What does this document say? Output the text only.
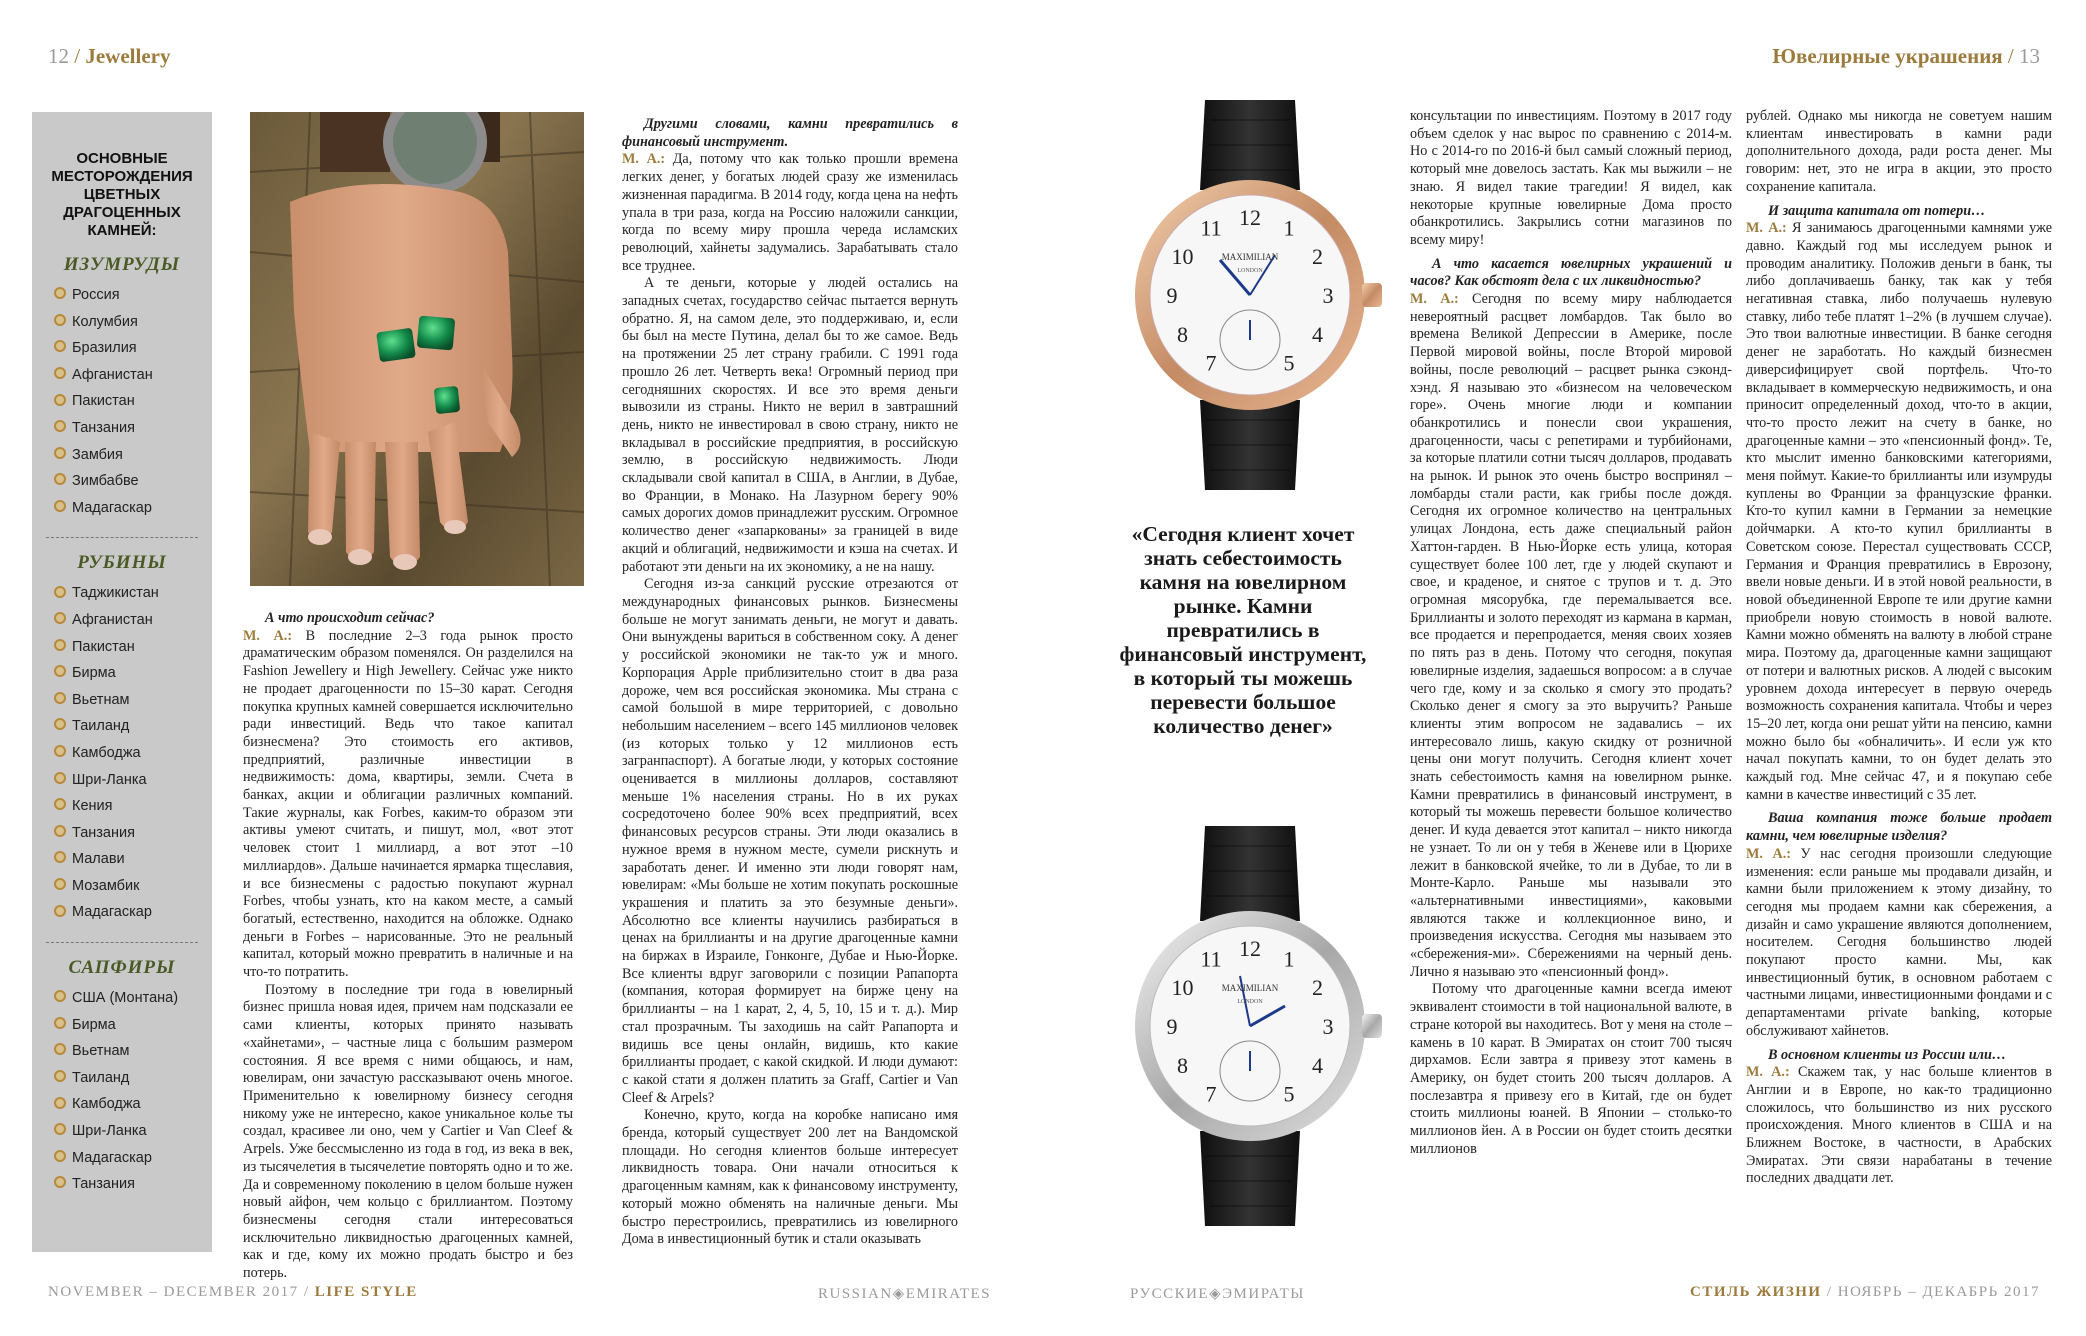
12 / Jewellery	Ювелирные украшения / 13
ОСНОВНЫЕ МЕСТОРОЖДЕНИЯ ЦВЕТНЫХ ДРАГОЦЕННЫХ КАМНЕЙ:
ИЗУМРУДЫ
Россия
Колумбия
Бразилия
Афганистан
Пакистан
Танзания
Замбия
Зимбабве
Мадагаскар
РУБИНЫ
Таджикистан
Афганистан
Пакистан
Бирма
Вьетнам
Таиланд
Камбоджа
Шри-Ланка
Кения
Танзания
Малави
Мозамбик
Мадагаскар
САПФИРЫ
США (Монтана)
Бирма
Вьетнам
Таиланд
Камбоджа
Шри-Ланка
Мадагаскар
Танзания

А что происходит сейчас?

М. А.: В последние 2–3 года рынок просто драматическим образом поменялся. Он разделился на Fashion Jewellery и High Jewellery. Сейчас уже никто не продает драгоценности по 15–30 карат. Сегодня покупка крупных камней совершается исключительно ради инвестиций. Ведь что такое капитал бизнесмена? Это стоимость его активов, предприятий, различные инвестиции в недвижимость: дома, квартиры, земли. Счета в банках, акции и облигации различных компаний. Такие журналы, как Forbes, каким-то образом эти активы умеют считать, и пишут, мол, «вот этот человек стоит 1 миллиард, а вот этот –10 миллиардов». Дальше начинается ярмарка тщеславия, и все бизнесмены с радостью покупают журнал Forbes, чтобы узнать, кто на каком месте, а самый богатый, естественно, находится на обложке. Однако деньги в Forbes – нарисованные. Это не реальный капитал, который можно превратить в наличные и на что-то потратить.

Поэтому в последние три года в ювелирный бизнес пришла новая идея, причем нам подсказали ее сами клиенты, которых принято называть «хайнетами», – частные лица с большим размером состояния. Я все время с ними общаюсь, и нам, ювелирам, они зачастую рассказывают очень многое. Применительно к ювелирному бизнесу сегодня никому уже не интересно, какое уникальное колье ты создал, красивее ли оно, чем у Cartier и Van Cleef & Arpels. Уже бессмысленно из года в год, из века в век, из тысячелетия в тысячелетие повторять одно и то же. Да и современному поколению в целом больше нужен новый айфон, чем кольцо с бриллиантом. Поэтому бизнесмены сегодня стали интересоваться исключительно ликвидностью драгоценных камней, как и где, кому их можно продать быстро и без потерь.

Другими словами, камни превратились в финансовый инструмент.

М. А.: Да, потому что как только прошли времена легких денег, у богатых людей сразу же изменилась жизненная парадигма. В 2014 году, когда цена на нефть упала в три раза, когда на Россию наложили санкции, когда по всему миру прошла череда исламских революций, хайнеты задумались. Зарабатывать стало все труднее.

А те деньги, которые у людей остались на западных счетах, государство сейчас пытается вернуть обратно. Я, на самом деле, это поддерживаю, и, если бы был на месте Путина, делал бы то же самое. Ведь на протяжении 25 лет страну грабили. С 1991 года прошло 26 лет. Четверть века! Огромный период при сегодняшних скоростях. И все это время деньги вывозили из страны. Никто не верил в завтрашний день, никто не инвестировал в свою страну, никто не вкладывал в российские предприятия, в российскую землю, в российскую недвижимость. Люди складывали свой капитал в США, в Англии, в Дубае, во Франции, в Монако. На Лазурном берегу 90% самых дорогих домов принадлежит русским. Огромное количество денег «запаркованы» за границей в виде акций и облигаций, недвижимости и кэша на счетах. И работают эти деньги на их экономику, а не на нашу.

Сегодня из-за санкций русские отрезаются от международных финансовых рынков. Бизнесмены больше не могут занимать деньги, не могут и давать. Они вынуждены вариться в собственном соку. А денег у российской экономики не так-то уж и много. Корпорация Apple приблизительно стоит в два раза дороже, чем вся российская экономика. Мы страна с самой большой в мире территорией, с довольно небольшим населением – всего 145 миллионов человек (из которых только у 12 миллионов есть загранпаспорт). А богатые люди, у которых состояние оценивается в миллионы долларов, составляют меньше 1% населения страны. Но в их руках сосредоточено более 90% всех предприятий, всех финансовых ресурсов страны. Эти люди оказались в нужное время в нужном месте, сумели рискнуть и заработать денег. И именно эти люди говорят нам, ювелирам: «Мы больше не хотим покупать роскошные украшения и платить за это безумные деньги». Абсолютно все клиенты научились разбираться в ценах на бриллианты и на другие драгоценные камни на биржах в Израиле, Гонконге, Дубае и Нью-Йорке. Все клиенты вдруг заговорили с позиции Рапапорта (компания, которая формирует на бирже цену на бриллианты – на 1 карат, 2, 4, 5, 10, 15 и т. д.). Мир стал прозрачным. Ты заходишь на сайт Рапапорта и видишь все цены онлайн, видишь, кто какие бриллианты продает, с какой скидкой. И люди думают: с какой стати я должен платить за Graff, Cartier и Van Cleef & Arpels?

Конечно, круто, когда на коробке написано имя бренда, который существует 200 лет на Вандомской площади. Но сегодня клиентов больше интересует ликвидность товара. Они начали относиться к драгоценным камням, как к финансовому инструменту, который можно обменять на наличные деньги. Мы быстро перестроились, превратились из ювелирного Дома в инвестиционный бутик и стали оказывать

консультации по инвестициям. Поэтому в 2017 году объем сделок у нас вырос по сравнению с 2014-м. Но с 2014-го по 2016-й был самый сложный период, который мне довелось застать. Как мы выжили – не знаю. Я видел такие трагедии! Я видел, как некоторые крупные ювелирные Дома просто обанкротились. Закрылись сотни магазинов по всему миру!

А что касается ювелирных украшений и часов? Как обстоят дела с их ликвидностью?

М. А.: Сегодня по всему миру наблюдается невероятный расцвет ломбардов. Так было во времена Великой Депрессии в Америке, после Первой мировой войны, после Второй мировой войны, после революций – расцвет рынка сэконд-хэнд. Я называю это «бизнесом на человеческом горе». Очень многие люди и компании обанкротились и понесли свои украшения, драгоценности, часы с репетирами и турбийонами, за которые платили сотни тысяч долларов, продавать на рынок. И рынок это очень быстро воспринял – ломбарды стали расти, как грибы после дождя. Сегодня их огромное количество на центральных улицах Лондона, есть даже специальный район Хаттон-гарден. В Нью-Йорке есть улица, которая существует более 100 лет, где у людей скупают и свое, и краденое, и снятое с трупов и т. д. Это огромная мясорубка, где перемалывается все. Бриллианты и золото переходят из кармана в карман, все продается и перепродается, меняя своих хозяев по пять раз в день. Потому что сегодня, покупая ювелирные изделия, задаешься вопросом: а в случае чего где, кому и за сколько я смогу это продать? Сколько денег я смогу за это выручить? Раньше клиенты этим вопросом не задавались – их интересовало лишь, какую скидку от розничной цены они могут получить. Сегодня клиент хочет знать себестоимость камня на ювелирном рынке. Камни превратились в финансовый инструмент, в который ты можешь перевести большое количество денег. И куда девается этот капитал – никто никогда не узнает. То ли он у тебя в Женеве или в Цюрихе лежит в банковской ячейке, то ли в Дубае, то ли в Монте-Карло. Раньше мы называли это «альтернативными инвестициями», каковыми являются также и коллекционное вино, и произведения искусства. Сегодня мы называем это «сбережения-ми». Сбережениями на черный день. Лично я называю это «пенсионный фонд».

Потому что драгоценные камни всегда имеют эквивалент стоимости в той национальной валюте, в стране которой вы находитесь. Вот у меня на столе – камень в 10 карат. В Эмиратах он стоит 700 тысяч дирхамов. Если завтра я привезу этот камень в Америку, он будет стоить 200 тысяч долларов. А послезавтра я привезу его в Китай, где он будет стоить миллионы юаней. В Японии – столько-то миллионов йен. А в России он будет стоить десятки миллионов

рублей. Однако мы никогда не советуем нашим клиентам инвестировать в камни ради дополнительного дохода, ради роста денег. Мы говорим: нет, это не игра в акции, это просто сохранение капитала.

И защита капитала от потери…

М. А.: Я занимаюсь драгоценными камнями уже давно. Каждый год мы исследуем рынок и проводим аналитику. Положив деньги в банк, ты либо доплачиваешь банку, так как у тебя негативная ставка, либо получаешь нулевую ставку, либо тебе платят 1–2% (в лучшем случае). Это твои валютные инвестиции. В банке сегодня денег не заработать. Но каждый бизнесмен диверсифицирует свой портфель. Что-то вкладывает в коммерческую недвижимость, и она приносит определенный доход, что-то в акции, что-то просто лежит на счету в банке, но драгоценные камни – это «пенсионный фонд». Те, кто мыслит именно банковскими категориями, меня поймут. Какие-то бриллианты или изумруды куплены во Франции за французские франки. Кто-то купил камни в Германии за немецкие дойчмарки. А кто-то купил бриллианты в Советском союзе. Перестал существовать СССР, Германия и Франция превратились в Еврозону, ввели новые деньги. И в этой новой реальности, в новой объединенной Европе те или другие камни приобрели новую стоимость в новой валюте. Камни можно обменять на валюту в любой стране мира. Поэтому да, драгоценные камни защищают от потери и валютных рисков. А людей с высоким уровнем дохода интересует в первую очередь возможность сохранения капитала. Чтобы и через 15–20 лет, когда они решат уйти на пенсию, камни можно было бы «обналичить». И если уж кто начал покупать камни, то он будет делать это каждый год. Мне сейчас 47, и я покупаю себе камни в качестве инвестиций с 35 лет.

Ваша компания тоже больше продает камни, чем ювелирные изделия?

М. А.: У нас сегодня произошли следующие изменения: если раньше мы продавали дизайн, и камни были приложением к этому дизайну, то сегодня мы продаем камни как сбережения, а дизайн и само украшение являются дополнением, носителем. Сегодня большинство людей покупают просто камни. Мы, как инвестиционный бутик, в основном работаем с частными лицами, инвестиционными фондами и с департаментами private banking, которые обслуживают хайнетов.

В основном клиенты из России или…

М. А.: Скажем так, у нас больше клиентов в Англии и в Европе, но как-то традиционно сложилось, что большинство из них русского происхождения. Много клиентов в США и на Ближнем Востоке, в частности, в Арабских Эмиратах. Эти связи нарабатаны в течение последних двадцати лет.

MAXIMILIAN
LONDON
12 1
2
3
4
5
7
8
9
10
11
«Сегодня клиент хочет знать себестоимость камня на ювелирном рынке. Камни превратились в финансовый инструмент, в который ты можешь перевести большое количество денег»
MAXIMILIAN
LONDON
12 1
2
3
4
5
7
8
9
10
11
NOVEMBER – DECEMBER 2017 / LIFE STYLE	RUSSIAN◈EMIRATES	РУССКИЕ◈ЭМИРАТЫ	СТИЛЬ ЖИЗНИ / НОЯБРЬ – ДЕКАБРЬ 2017
